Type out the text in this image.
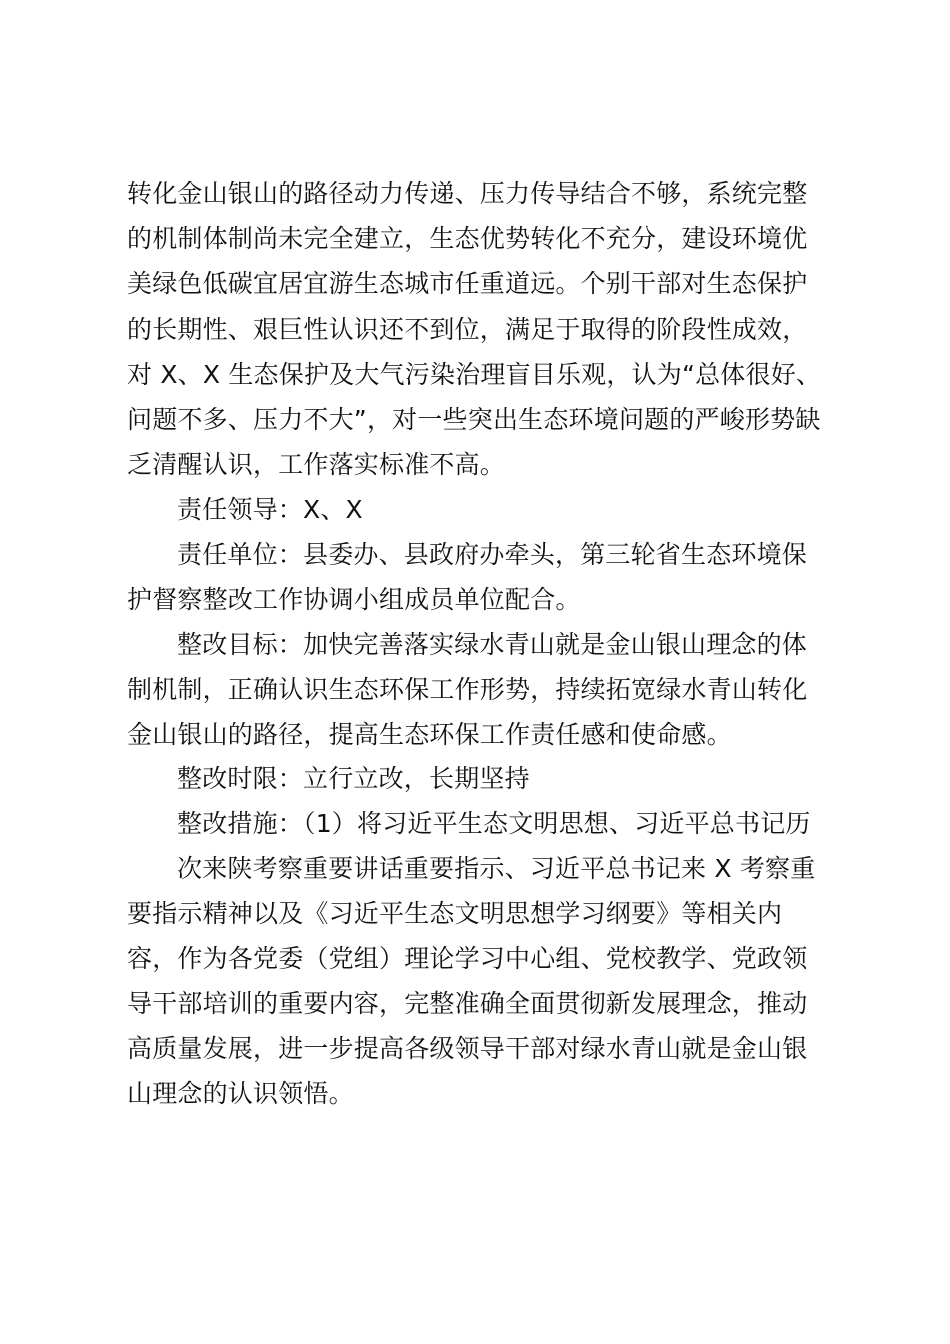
转化金山银山的路径动力传递、压力传导结合不够，系统完整
的机制体制尚未完全建立，生态优势转化不充分，建设环境优
美绿色低碳宜居宜游生态城市任重道远。个别干部对生态保护
的长期性、艰巨性认识还不到位，满足于取得的阶段性成效，
对 X、X 生态保护及大气污染治理盲目乐观，认为“总体很好、
问题不多、压力不大”，对一些突出生态环境问题的严峻形势缺
乏清醒认识，工作落实标准不高。
责任领导：X、X
责任单位：县委办、县政府办牵头，第三轮省生态环境保
护督察整改工作协调小组成员单位配合。
整改目标：加快完善落实绿水青山就是金山银山理念的体
制机制，正确认识生态环保工作形势，持续拓宽绿水青山转化
金山银山的路径，提高生态环保工作责任感和使命感。
整改时限：立行立改，长期坚持
整改措施：（1）将习近平生态文明思想、习近平总书记历
次来陕考察重要讲话重要指示、习近平总书记来 X 考察重
要指示精神以及《习近平生态文明思想学习纲要》等相关内
容，作为各党委（党组）理论学习中心组、党校教学、党政领
导干部培训的重要内容，完整准确全面贯彻新发展理念，推动
高质量发展，进一步提高各级领导干部对绿水青山就是金山银
山理念的认识领悟。
